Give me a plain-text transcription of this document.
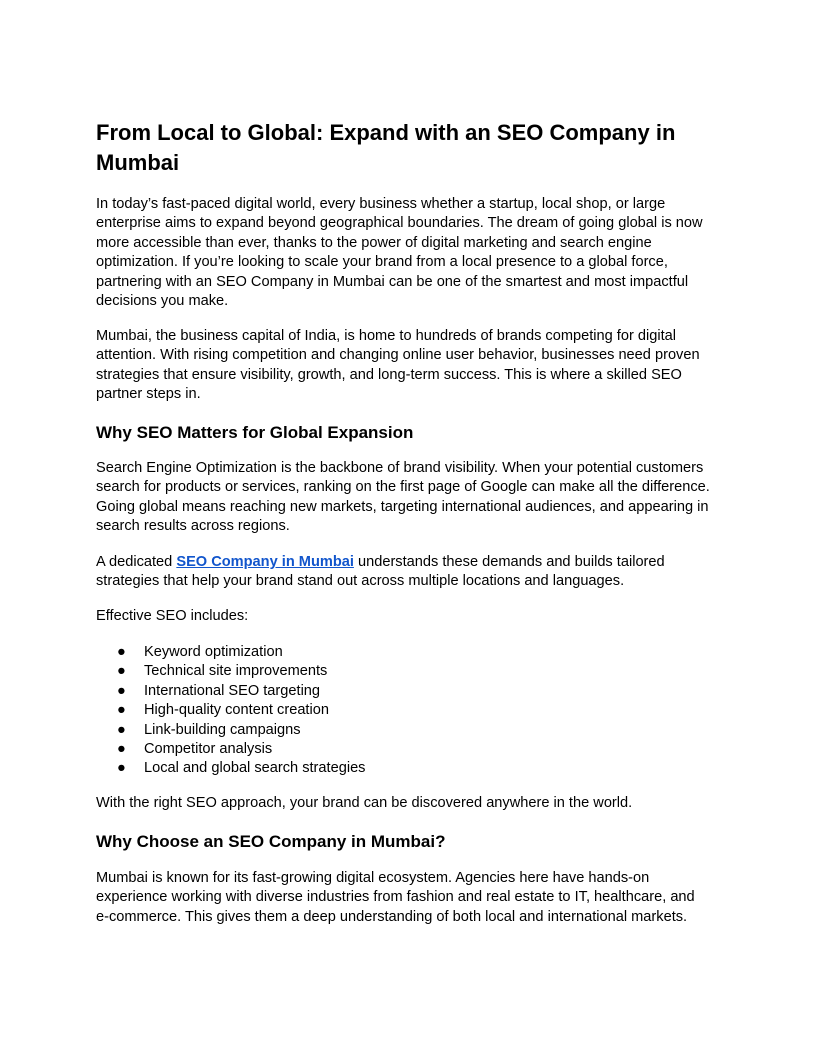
From Local to Global: Expand with an SEO Company in
Mumbai
In today’s fast-paced digital world, every business whether a startup, local shop, or large
enterprise aims to expand beyond geographical boundaries. The dream of going global is now
more accessible than ever, thanks to the power of digital marketing and search engine
optimization. If you’re looking to scale your brand from a local presence to a global force,
partnering with an SEO Company in Mumbai can be one of the smartest and most impactful
decisions you make.
Mumbai, the business capital of India, is home to hundreds of brands competing for digital
attention. With rising competition and changing online user behavior, businesses need proven
strategies that ensure visibility, growth, and long-term success. This is where a skilled SEO
partner steps in.
Why SEO Matters for Global Expansion
Search Engine Optimization is the backbone of brand visibility. When your potential customers
search for products or services, ranking on the first page of Google can make all the difference.
Going global means reaching new markets, targeting international audiences, and appearing in
search results across regions.
A dedicated SEO Company in Mumbai understands these demands and builds tailored
strategies that help your brand stand out across multiple locations and languages.
Effective SEO includes:
● Keyword optimization
● Technical site improvements
● International SEO targeting
● High-quality content creation
● Link-building campaigns
● Competitor analysis
● Local and global search strategies
With the right SEO approach, your brand can be discovered anywhere in the world.
Why Choose an SEO Company in Mumbai?
Mumbai is known for its fast-growing digital ecosystem. Agencies here have hands-on
experience working with diverse industries from fashion and real estate to IT, healthcare, and
e-commerce. This gives them a deep understanding of both local and international markets.
